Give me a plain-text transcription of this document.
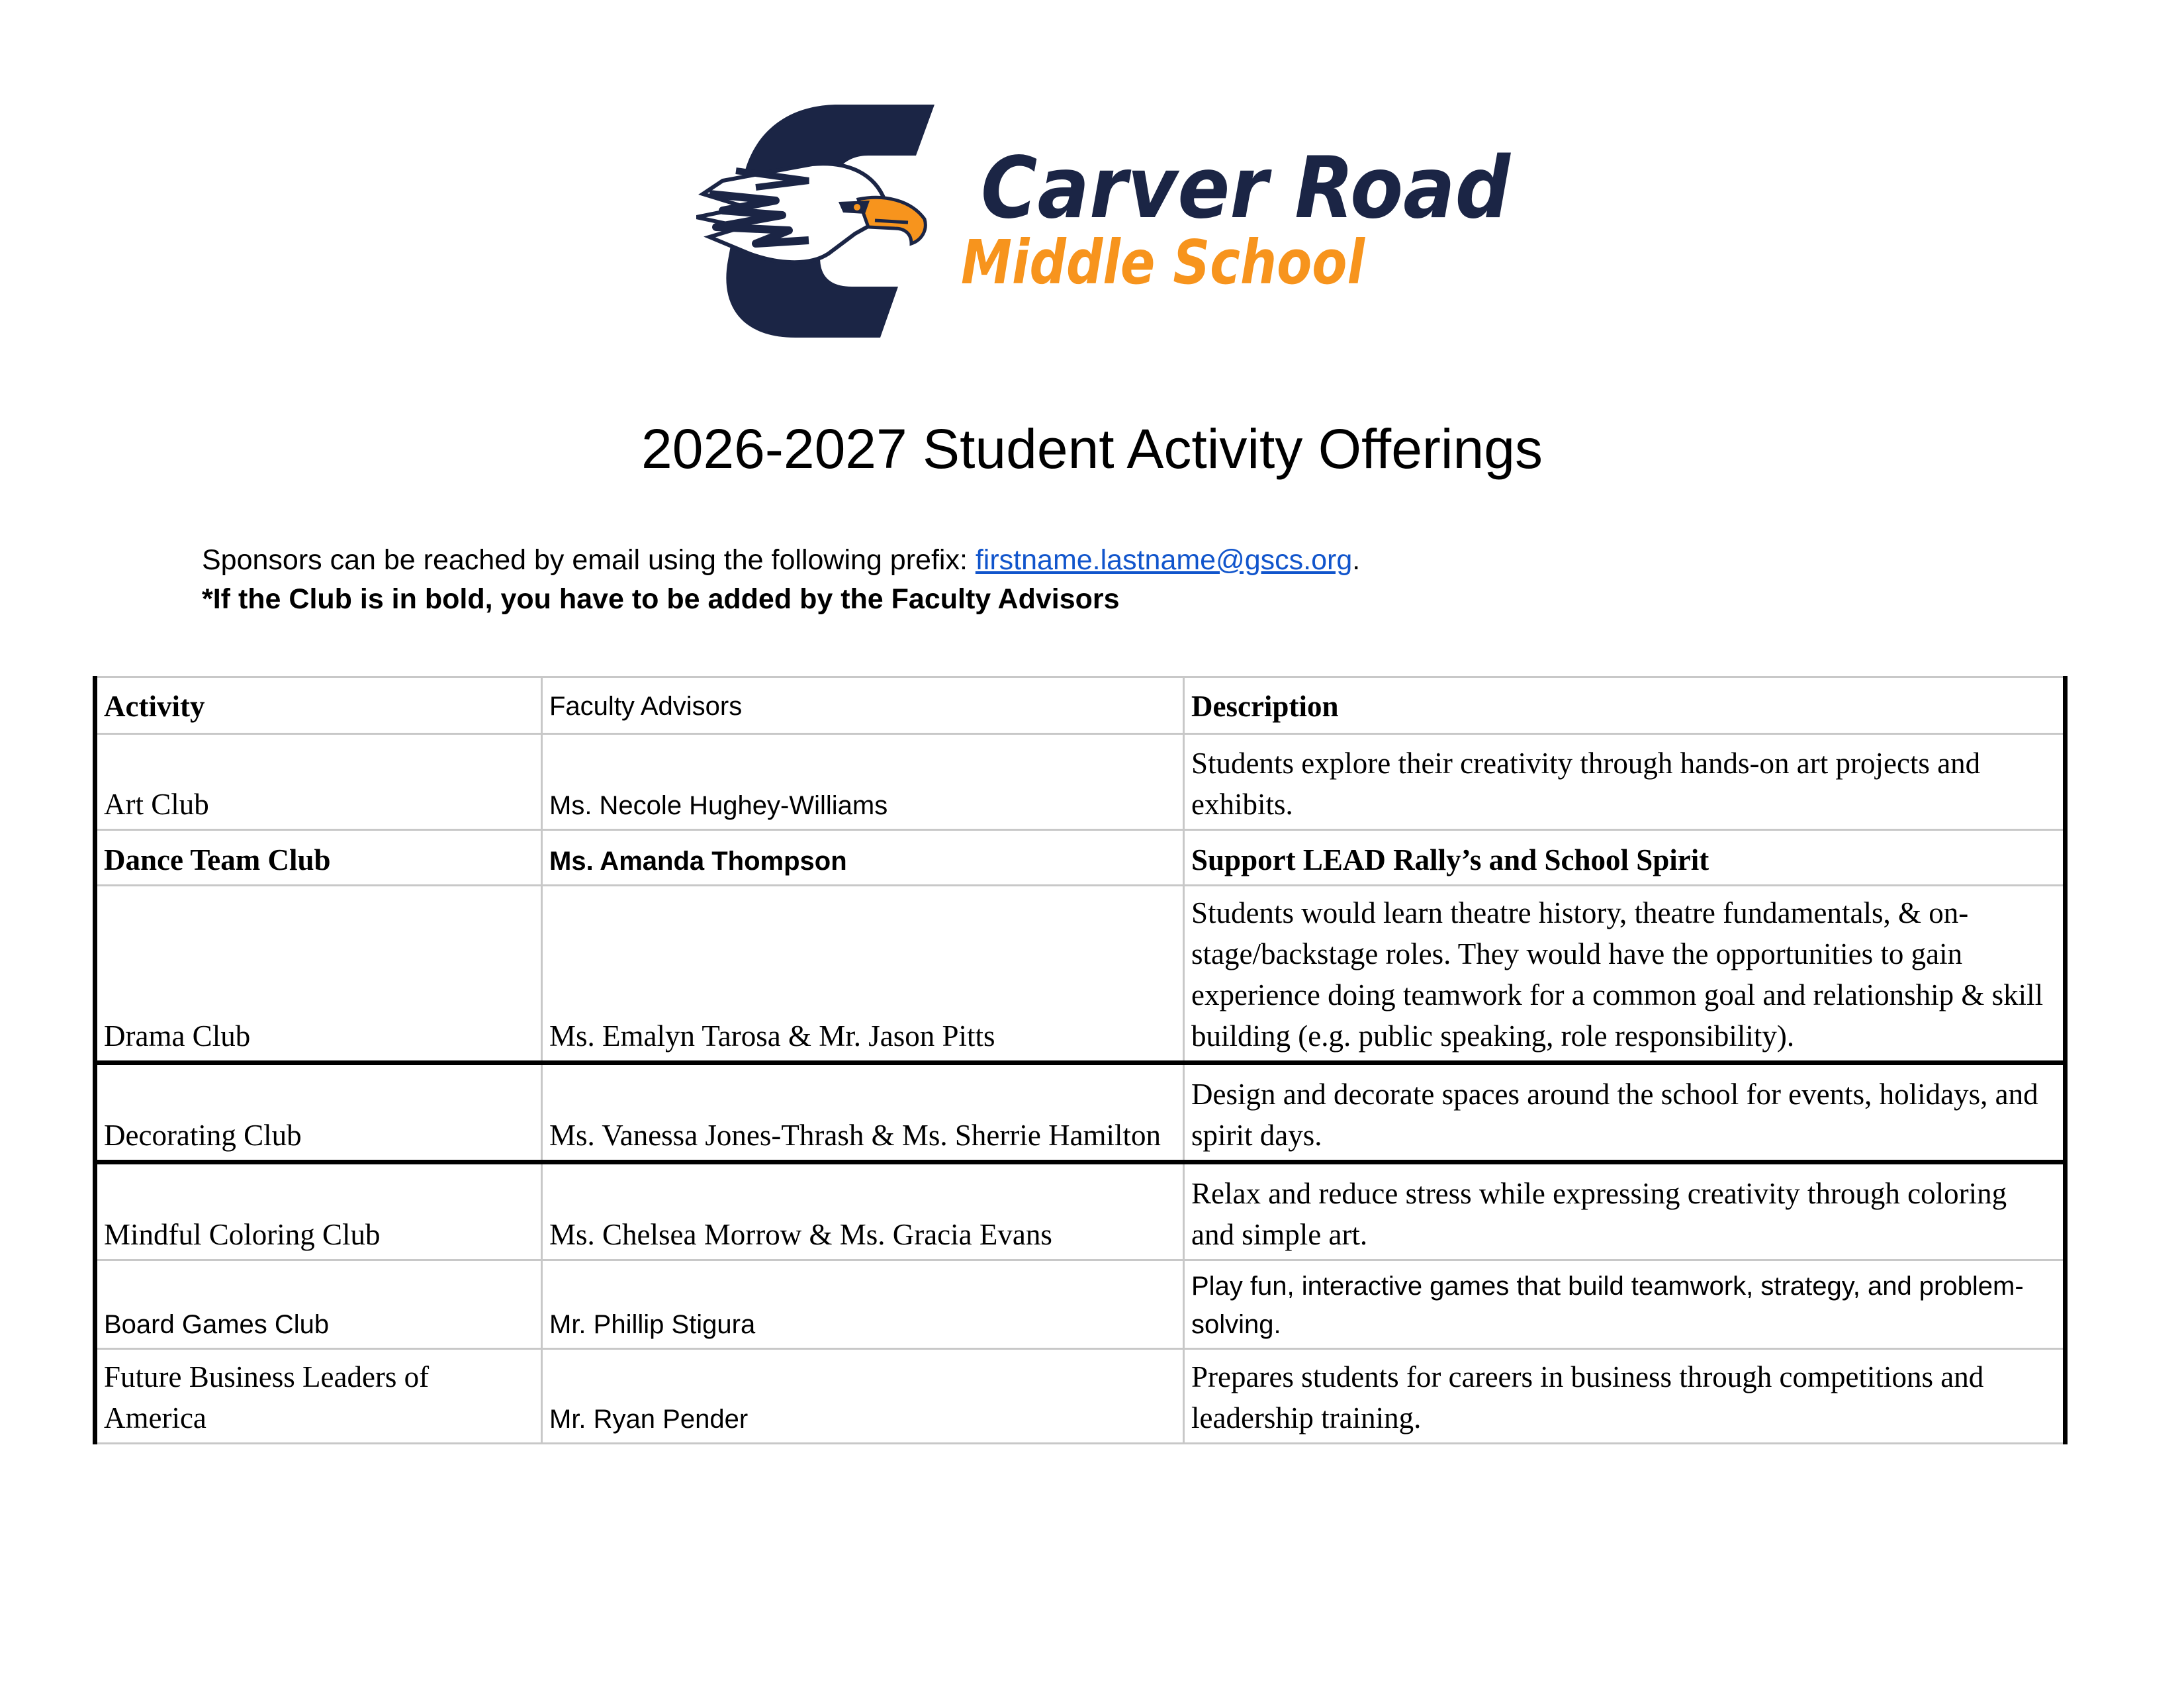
Carver Road
Middle School
2026-2027 Student Activity Offerings
Sponsors can be reached by email using the following prefix: firstname.lastname@gscs.org.
*If the Club is in bold, you have to be added by the Faculty Advisors
Activity	Faculty Advisors	Description
Art Club	Ms. Necole Hughey-Williams	Students explore their creativity through hands-on art projects and exhibits.
Dance Team Club	Ms. Amanda Thompson	Support LEAD Rally’s and School Spirit
Drama Club	Ms. Emalyn Tarosa & Mr. Jason Pitts	Students would learn theatre history, theatre fundamentals, & on-stage/backstage roles. They would have the opportunities to gain experience doing teamwork for a common goal and relationship & skill building (e.g. public speaking, role responsibility).
Decorating Club	Ms. Vanessa Jones-Thrash & Ms. Sherrie Hamilton	Design and decorate spaces around the school for events, holidays, and spirit days.
Mindful Coloring Club	Ms. Chelsea Morrow & Ms. Gracia Evans	Relax and reduce stress while expressing creativity through coloring and simple art.
Board Games Club	Mr. Phillip Stigura	Play fun, interactive games that build teamwork, strategy, and problem-solving.
Future Business Leaders of America	Mr. Ryan Pender	Prepares students for careers in business through competitions and leadership training.
